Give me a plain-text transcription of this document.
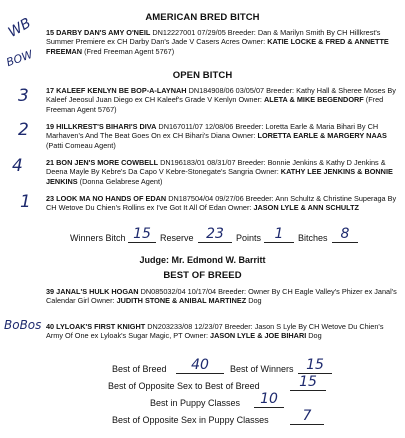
WB
BOW
AMERICAN BRED BITCH
15 DARBY DAN'S AMY O'NEIL DN12227001 07/29/05 Breeder: Dan & Marilyn Smith By CH Hillkrest's Summer Premiere ex CH Darby Dan's Jade V Casers Acres Owner: KATIE LOCKE & FRED & ANNETTE FREEMAN (Fred Freeman Agent 5767)
OPEN BITCH
3 17 KALEEF KENLYN BE BOP-A-LAYNAH DN184908/06 03/05/07 Breeder: Kathy Hall & Sheree Moses By Kaleef Jeeosul Juan Diego ex CH Kaleef's Grade V Kenlyn Owner: ALETA & MIKE BEGENDORF (Fred Freeman Agent 5767)
2 19 HILLKREST'S BIHARI'S DIVA DN167011/07 12/08/06 Breeder: Loretta Earle & Maria Bihari By CH Marhaven's And The Beat Goes On ex CH Bihari's Diana Owner: LORETTA EARLE & MARGERY NAAS (Patti Comeau Agent)
4	21 BON JEN'S MORE COWBELL DN196183/01 08/31/07 Breeder: Bonnie Jenkins & Kathy D Jenkins & Deena Mayle By Kebre's Da Capo V Kebre-Stonegate's Sangria Owner: KATHY LEE JENKINS & BONNIE JENKINS (Donna Gelabrese Agent)
1 23 LOOK MA NO HANDS OF EDAN DN187504/04 09/27/06 Breeder: Ann Schultz & Christine Superaga By CH Wetove Du Chien's Rollins ex I've Got It All Of Edan Owner: JASON LYLE & ANN SCHULTZ
Winners Bitch 15	Reserve 23	Points 1	Bitches 8
Judge: Mr. Edmond W. Barritt
BEST OF BREED
39 JANAL'S HULK HOGAN DN085032/04 10/17/04 Breeder: Owner By CH Eagle Valley's Phizer ex Janal's Calendar Girl Owner: JUDITH STONE & ANIBAL MARTINEZ Dog
BoBos 40 LYLOAK'S FIRST KNIGHT DN203233/08 12/23/07 Breeder: Jason S Lyle By CH Wetove Du Chien's Army Of One ex Lyloak's Sugar Magic, PT Owner: JASON LYLE & JOE BIHARI Dog
Best of Breed	40	Best of Winners 15
Best of Opposite Sex to Best of Breed	15
Best in Puppy Classes	10
Best of Opposite Sex in Puppy Classes	7
